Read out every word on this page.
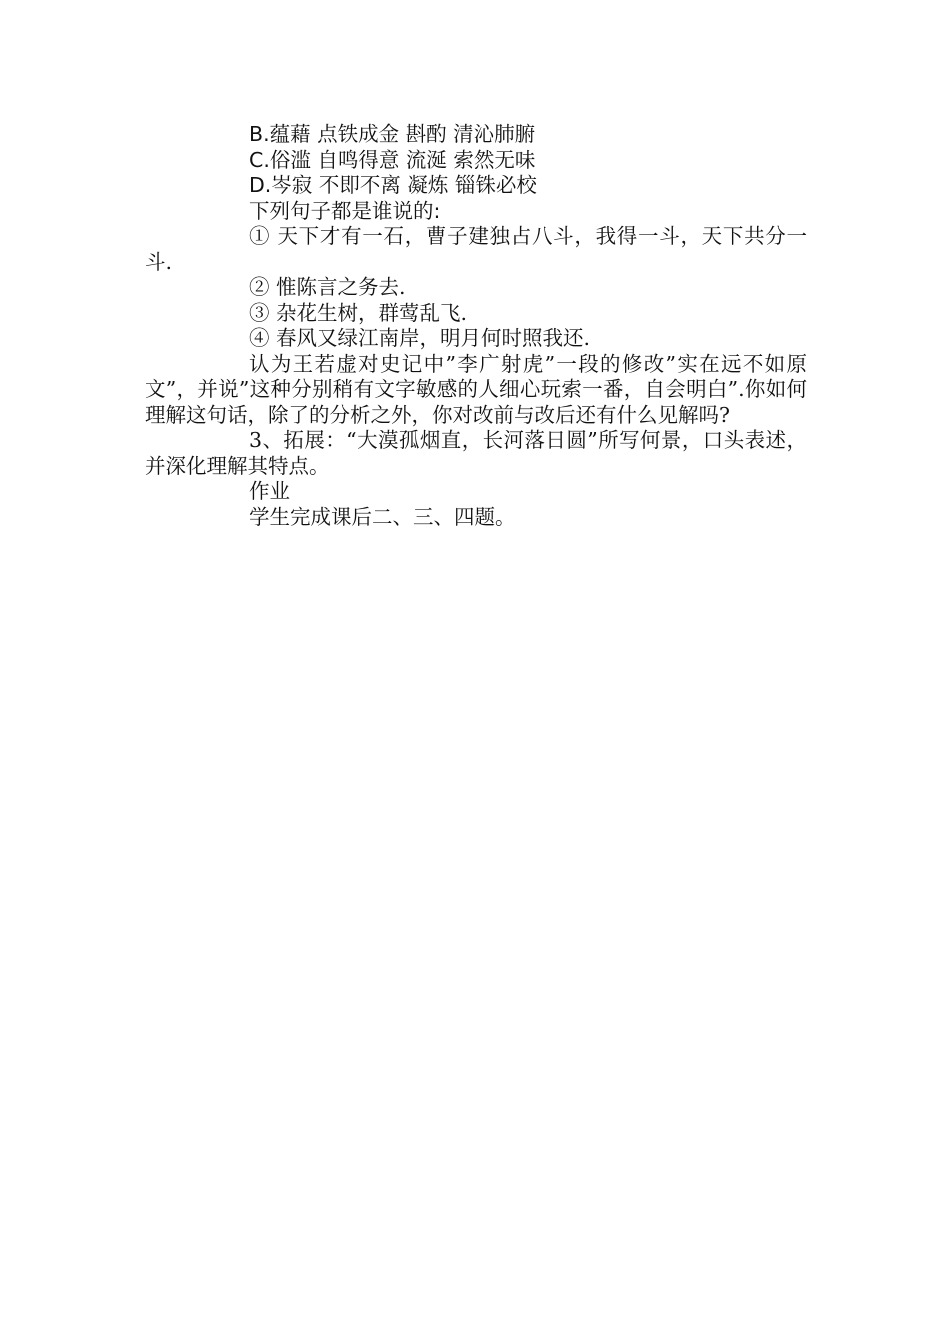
B.蕴藉 点铁成金 斟酌 清沁肺腑
C.俗滥 自鸣得意 流涎 索然无味
D.岑寂 不即不离 凝炼 锱铢必校
下列句子都是谁说的:
① 天下才有一石，曹子建独占八斗，我得一斗，天下共分一斗.
② 惟陈言之务去.
③ 杂花生树，群莺乱飞.
④ 春风又绿江南岸，明月何时照我还.
认为王若虚对史记中”李广射虎”一段的修改”实在远不如原文”，并说”这种分别稍有文字敏感的人细心玩索一番，自会明白”.你如何理解这句话，除了的分析之外，你对改前与改后还有什么见解吗?
3、拓展：“大漠孤烟直，长河落日圆”所写何景，口头表述，并深化理解其特点。
作业
学生完成课后二、三、四题。
